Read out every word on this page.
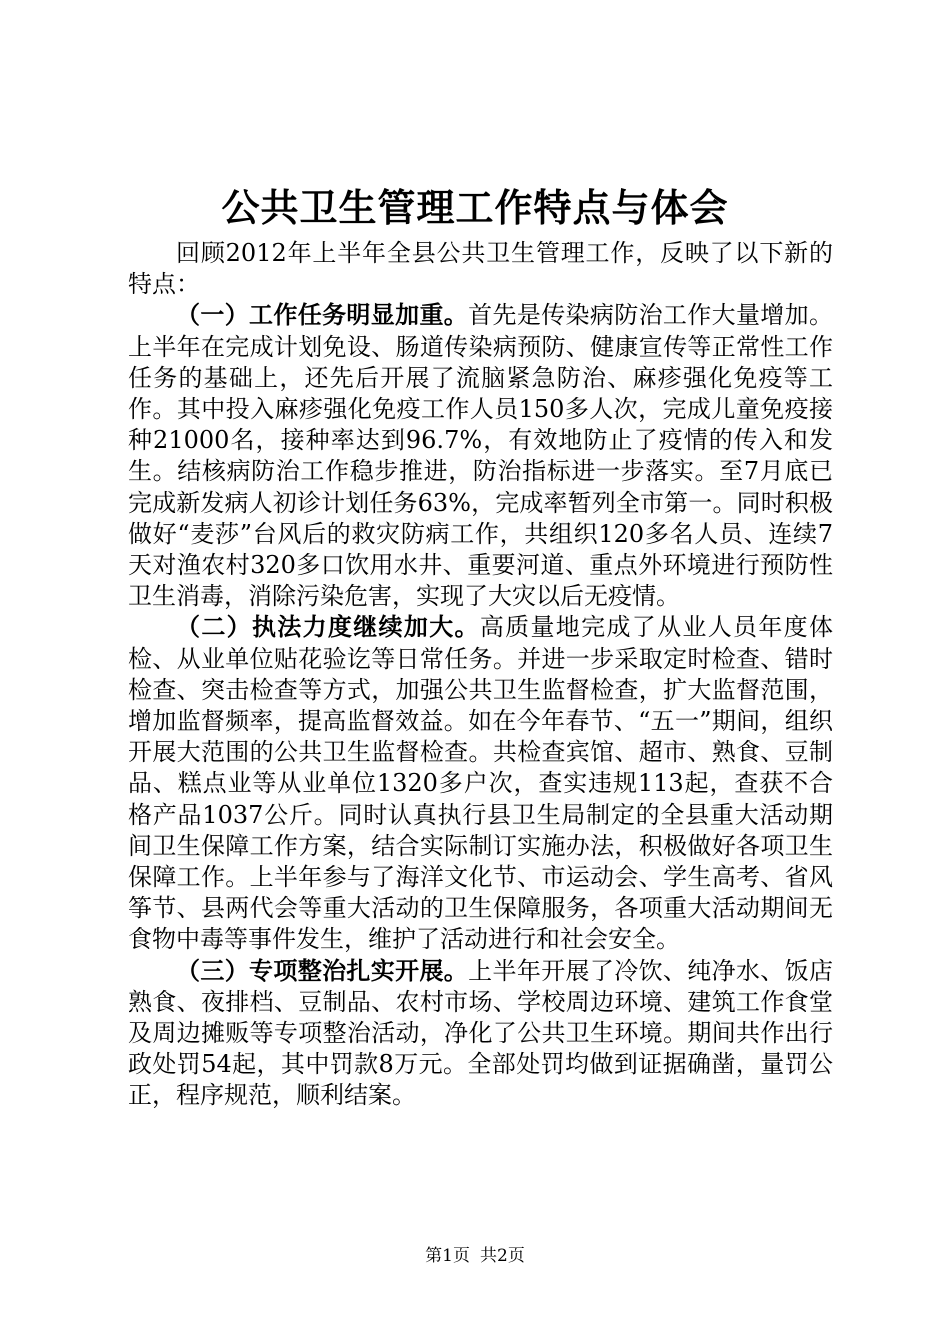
公共卫生管理工作特点与体会

回顾2012年上半年全县公共卫生管理工作，反映了以下新的特点：

（一）工作任务明显加重。首先是传染病防治工作大量增加。上半年在完成计划免设、肠道传染病预防、健康宣传等正常性工作任务的基础上，还先后开展了流脑紧急防治、麻疹强化免疫等工作。其中投入麻疹强化免疫工作人员150多人次，完成儿童免疫接种21000名，接种率达到96.7%，有效地防止了疫情的传入和发生。结核病防治工作稳步推进，防治指标进一步落实。至7月底已完成新发病人初诊计划任务63%，完成率暂列全市第一。同时积极做好“麦莎”台风后的救灾防病工作，共组织120多名人员、连续7天对渔农村320多口饮用水井、重要河道、重点外环境进行预防性卫生消毒，消除污染危害，实现了大灾以后无疫情。

（二）执法力度继续加大。高质量地完成了从业人员年度体检、从业单位贴花验讫等日常任务。并进一步采取定时检查、错时检查、突击检查等方式，加强公共卫生监督检查，扩大监督范围，增加监督频率，提高监督效益。如在今年春节、“五一”期间，组织开展大范围的公共卫生监督检查。共检查宾馆、超市、熟食、豆制品、糕点业等从业单位1320多户次，查实违规113起，查获不合格产品1037公斤。同时认真执行县卫生局制定的全县重大活动期间卫生保障工作方案，结合实际制订实施办法，积极做好各项卫生保障工作。上半年参与了海洋文化节、市运动会、学生高考、省风筝节、县两代会等重大活动的卫生保障服务，各项重大活动期间无食物中毒等事件发生，维护了活动进行和社会安全。

（三）专项整治扎实开展。上半年开展了冷饮、纯净水、饭店熟食、夜排档、豆制品、农村市场、学校周边环境、建筑工作食堂及周边摊贩等专项整治活动，净化了公共卫生环境。期间共作出行政处罚54起，其中罚款8万元。全部处罚均做到证据确凿，量罚公正，程序规范，顺利结案。

第1页 共2页
